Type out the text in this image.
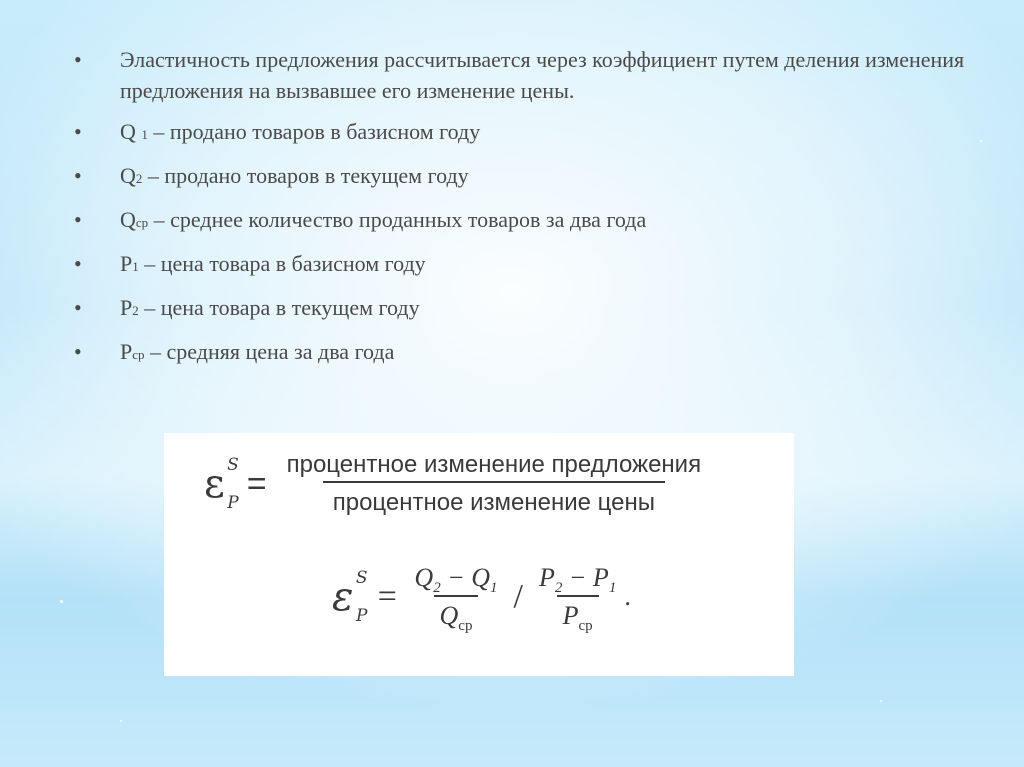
• Эластичность предложения рассчитывается через коэффициент путем деления изменения предложения на вызвавшее его изменение цены.
• Q 1 – продано товаров в базисном году
• Q2 – продано товаров в текущем году
• Qср – среднее количество проданных товаров за два года
• P1 – цена товара в базисном году
• P2 – цена товара в текущем году
• Pср – средняя цена за два года
ε S
P
= $\frac{\text{процентное изменение предложения}}{\text{процентное изменение цены}}$
ε S
P
= $\frac{Q_2 - Q_1}{Q_{ср}} / \frac{P_2 - P_1}{P_{ср}}$ .
